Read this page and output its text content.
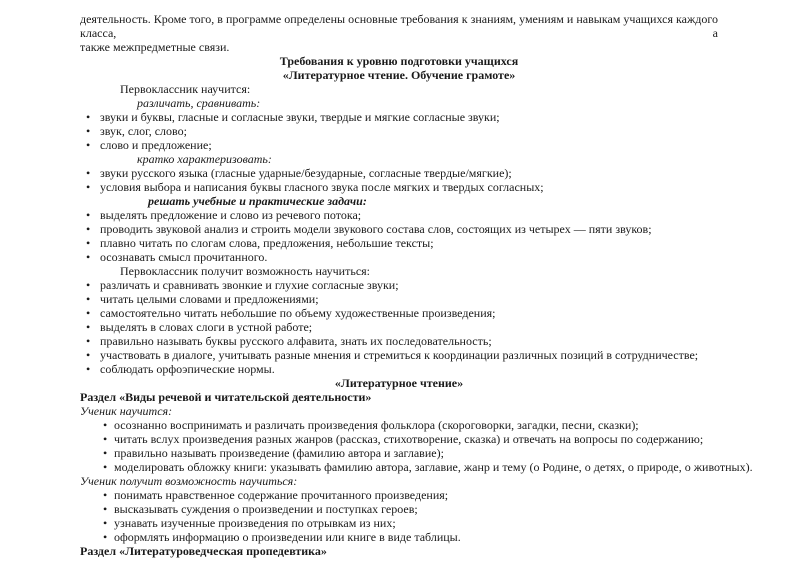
деятельность. Кроме того, в программе определены основные требования к знаниям, умениям и навыкам учащихся каждого класса, а

также межпредметные связи.

Требования к уровню подготовки учащихся

«Литературное чтение. Обучение грамоте»

Первоклассник научится:

различать, сравнивать:

• звуки и буквы, гласные и согласные звуки, твердые и мягкие согласные звуки;
• звук, слог, слово;
• слово и предложение;

кратко характеризовать:

• звуки русского языка (гласные ударные/безударные, согласные твердые/мягкие);
• условия выбора и написания буквы гласного звука после мягких и твердых согласных;

решать учебные и практические задачи:

• выделять предложение и слово из речевого потока;
• проводить звуковой анализ и строить модели звукового состава слов, состоящих из четырех — пяти звуков;
• плавно читать по слогам слова, предложения, небольшие тексты;
• осознавать смысл прочитанного.

Первоклассник получит возможность научиться:

• различать и сравнивать звонкие и глухие согласные звуки;
• читать целыми словами и предложениями;
• самостоятельно читать небольшие по объему художественные произведения;
• выделять в словах слоги в устной работе;
• правильно называть буквы русского алфавита, знать их последовательность;
• участвовать в диалоге, учитывать разные мнения и стремиться к координации различных позиций в сотрудничестве;
• соблюдать орфоэпические нормы.

«Литературное чтение»

Раздел «Виды речевой и читательской деятельности»

Ученик научится:

• осознанно воспринимать и различать произведения фольклора (скороговорки, загадки, песни, сказки);
• читать вслух произведения разных жанров (рассказ, стихотворение, сказка) и отвечать на вопросы по содержанию;
• правильно называть произведение (фамилию автора и заглавие);
• моделировать обложку книги: указывать фамилию автора, заглавие, жанр и тему (о Родине, о детях, о природе, о животных).

Ученик получит возможность научиться:

• понимать нравственное содержание прочитанного произведения;
• высказывать суждения о произведении и поступках героев;
• узнавать изученные произведения по отрывкам из них;
• оформлять информацию о произведении или книге в виде таблицы.

Раздел «Литературоведческая пропедевтика»
